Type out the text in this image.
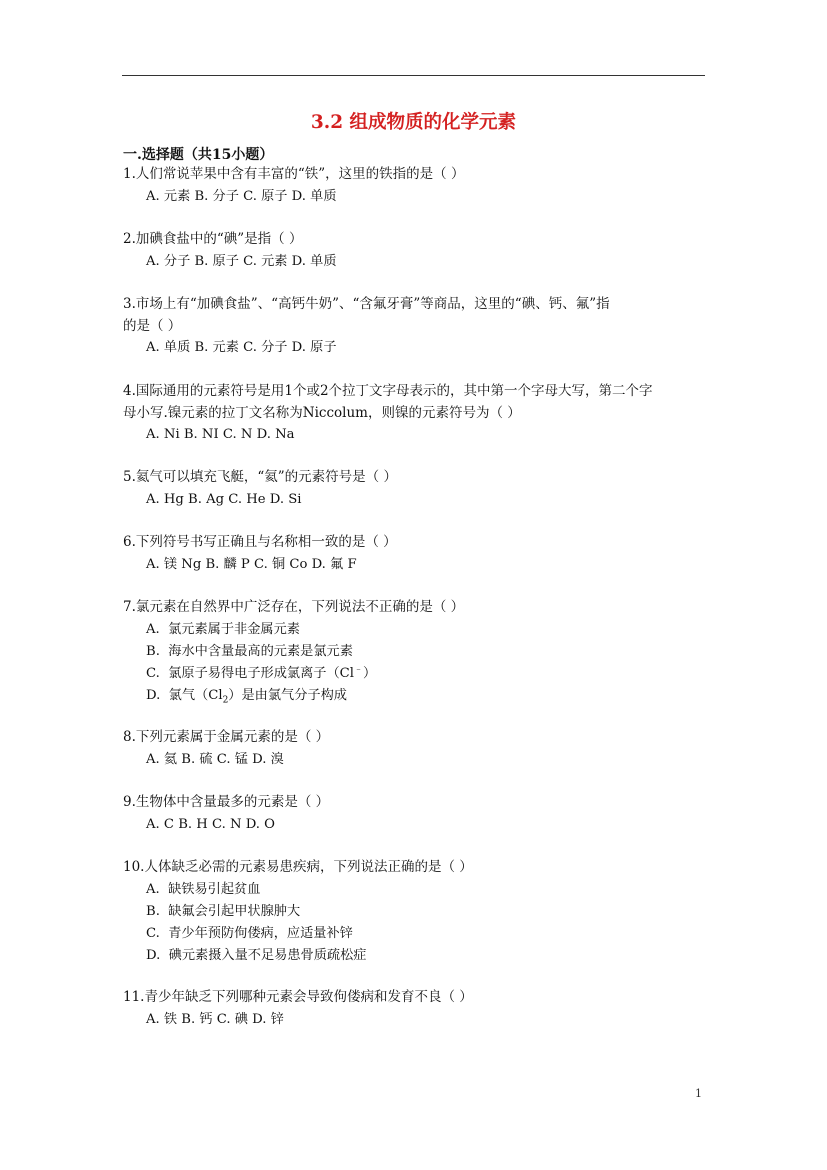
3.2 组成物质的化学元素
一.选择题（共15小题）
1.人们常说苹果中含有丰富的“铁”，这里的铁指的是（ ）
A. 元素 B. 分子 C. 原子 D. 单质
2.加碘食盐中的“碘”是指（ ）
A. 分子 B. 原子 C. 元素 D. 单质
3.市场上有“加碘食盐”、“高钙牛奶”、“含氟牙膏”等商品，这里的“碘、钙、氟”指
的是（ ）
A. 单质 B. 元素 C. 分子 D. 原子
4.国际通用的元素符号是用1个或2个拉丁文字母表示的，其中第一个字母大写，第二个字
母小写.镍元素的拉丁文名称为Niccolum，则镍的元素符号为（ ）
A. Ni B. NI C. N D. Na
5.氦气可以填充飞艇，“氦”的元素符号是（ ）
A. Hg B. Ag C. He D. Si
6.下列符号书写正确且与名称相一致的是（ ）
A. 镁 Ng B. 麟 P C. 铜 Co D. 氟 F
7.氯元素在自然界中广泛存在，下列说法不正确的是（ ）
A.  氯元素属于非金属元素
B.  海水中含量最高的元素是氯元素
C.  氯原子易得电子形成氯离子（Cl﹣）
D.  氯气$(Cl_2)$是由氯气分子构成
8.下列元素属于金属元素的是（ ）
A. 氦 B. 硫 C. 锰 D. 溴
9.生物体中含量最多的元素是（ ）
A. C B. H C. N D. O
10.人体缺乏必需的元素易患疾病，下列说法正确的是（ ）
A.  缺铁易引起贫血
B.  缺氟会引起甲状腺肿大
C.  青少年预防佝偻病，应适量补锌
D.  碘元素摄入量不足易患骨质疏松症
11.青少年缺乏下列哪种元素会导致佝偻病和发育不良（ ）
A. 铁 B. 钙 C. 碘 D. 锌
1
